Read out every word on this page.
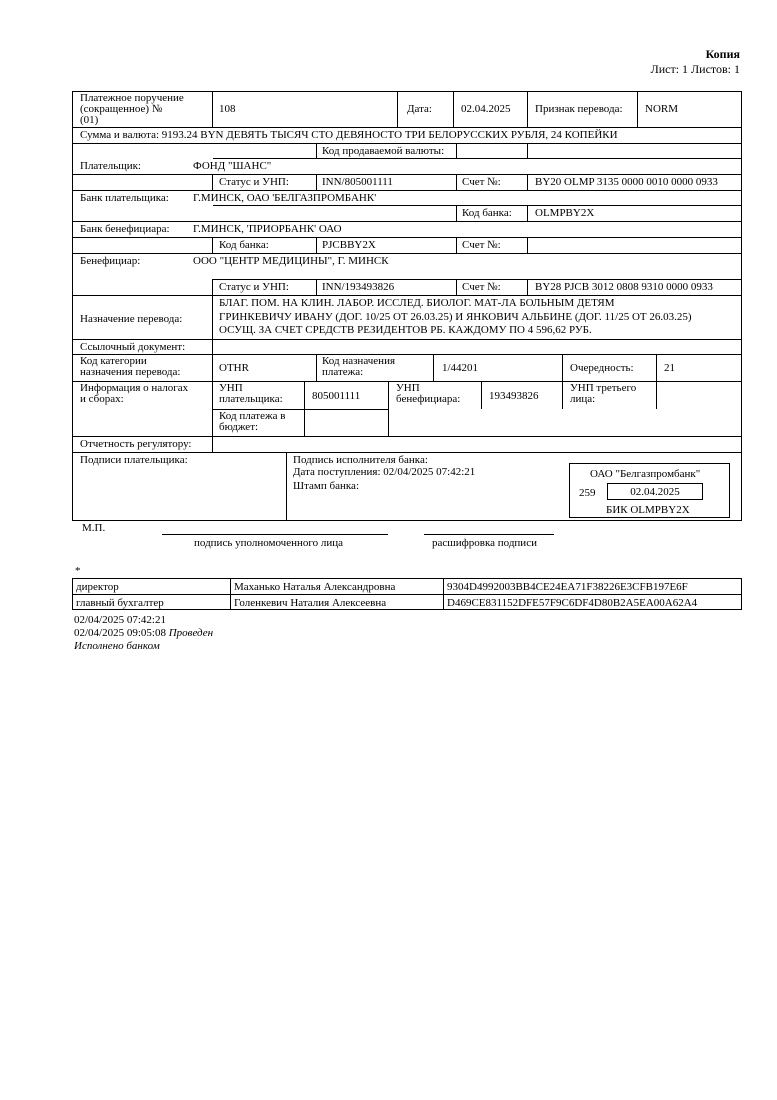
Копия
Лист: 1 Листов: 1
Платежное поручение
(сокращенное) №
(01)
108	Дата:	02.04.2025 Признак перевода: NORM
Сумма и валюта: 9193.24 BYN ДЕВЯТЬ ТЫСЯЧ СТО ДЕВЯНОСТО ТРИ БЕЛОРУССКИХ РУБЛЯ, 24 КОПЕЙКИ
Код продаваемой валюты:
Плательщик:	ФОНД "ШАНС"
Статус и УНП:	INN/805001111	Счет №:	BY20 OLMP 3135 0000 0010 0000 0933
Банк плательщика: Г.МИНСК, ОАО 'БЕЛГАЗПРОМБАНК'
Код банка: OLMPBY2X
Банк бенефициара: Г.МИНСК, 'ПРИОРБАНК' ОАО
Код банка:	PJCBBY2X	Счет №:
Бенефициар:	ООО "ЦЕНТР МЕДИЦИНЫ", Г. МИНСК
Статус и УНП:	INN/193493826	Счет №:	BY28 PJCB 3012 0808 9310 0000 0933
Назначение перевода:
БЛАГ. ПОМ. НА КЛИН. ЛАБОР. ИССЛЕД. БИОЛОГ. МАТ-ЛА БОЛЬНЫМ ДЕТЯМ
ГРИНКЕВИЧУ ИВАНУ (ДОГ. 10/25 ОТ 26.03.25) И ЯНКОВИЧ АЛЬБИНЕ (ДОГ. 11/25 ОТ 26.03.25)
ОСУЩ. ЗА СЧЕТ СРЕДСТВ РЕЗИДЕНТОВ РБ. КАЖДОМУ ПО 4 596,62 РУБ.
Ссылочный документ:
Код категории
назначения перевода:	OTHR
Код назначения
платежа:	1/44201	Очередность:	21
Информация о налогах
и сборах:
УНП
плательщика:	805001111
УНП
бенефициара:	193493826
УНП третьего
лица:
Код платежа в
бюджет:
Отчетность регулятору:
Подписи плательщика:	Подпись исполнителя банка:
Дата поступления: 02/04/2025 07:42:21
Штамп банка:
ОАО "Белгазпромбанк"
259	02.04.2025
БИК OLMPBY2X
М.П.
подпись уполномоченного лица	расшифровка подписи
*
директор	Маханько Наталья Александровна	9304D4992003BB4CE24EA71F38226E3CFB197E6F
главный бухгалтер	Голенкевич Наталия Алексеевна	D469CE831152DFE57F9C6DF4D80B2A5EA00A62A4
02/04/2025 07:42:21
02/04/2025 09:05:08 Проведен
Исполнено банком
